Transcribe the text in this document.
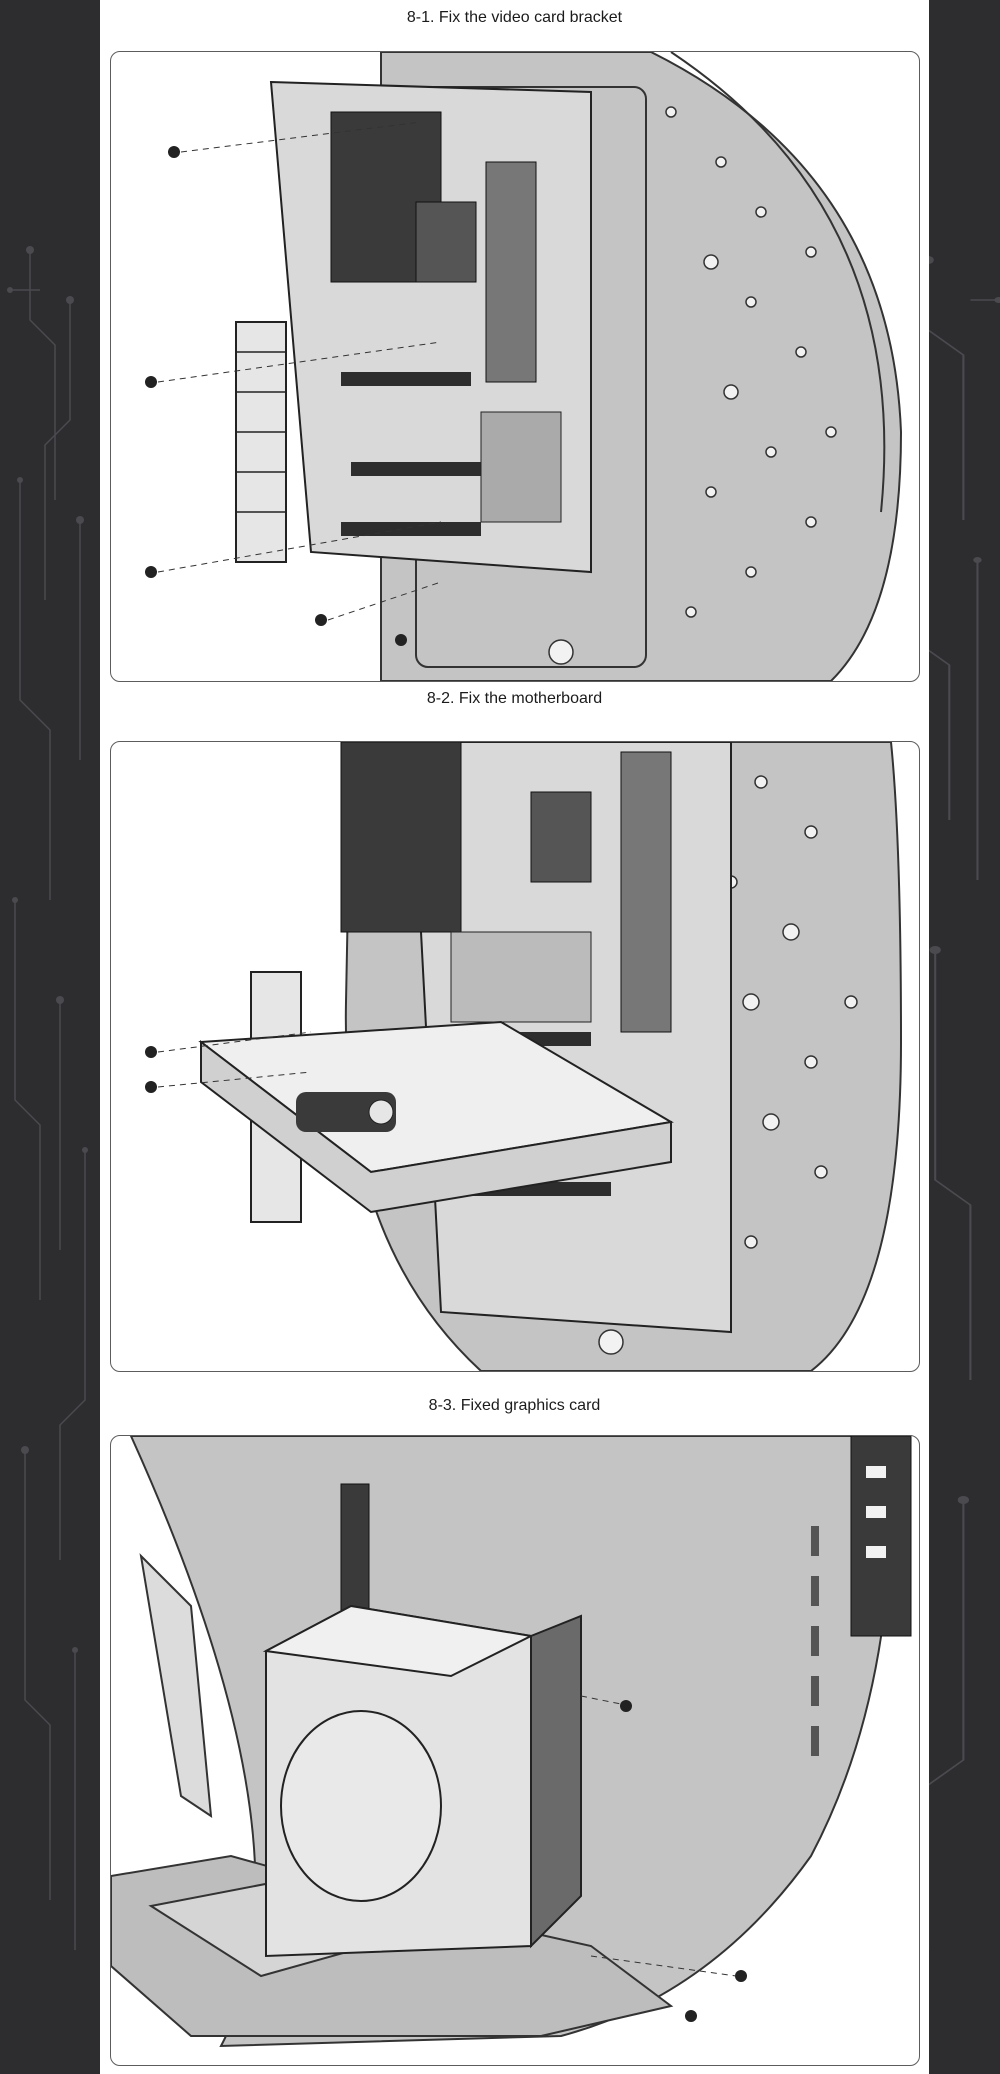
8-1. Fix the video card bracket
8-2. Fix the motherboard
8-3. Fixed graphics card
